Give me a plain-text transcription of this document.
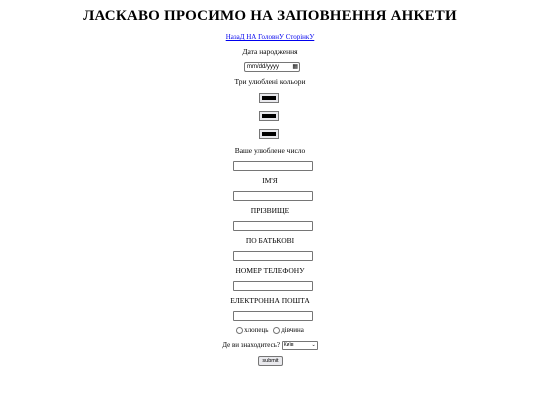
ЛАСКАВО ПРОСИМО НА ЗАПОВНЕННЯ АНКЕТИ
НазаД НА ГоловнУ СторінкУ
Дата народження
mm/dd/yyyy ▦
Три улюблені кольори
Ваше улюблене число
ІМ'Я
ПРІЗВИЩЕ
ПО БАТЬКОВІ
НОМЕР ТЕЛЕФОНУ
ЕЛЕКТРОННА ПОШТА
хлопець дівчина
Де ви знаходитесь? Київ	⌄
submit
